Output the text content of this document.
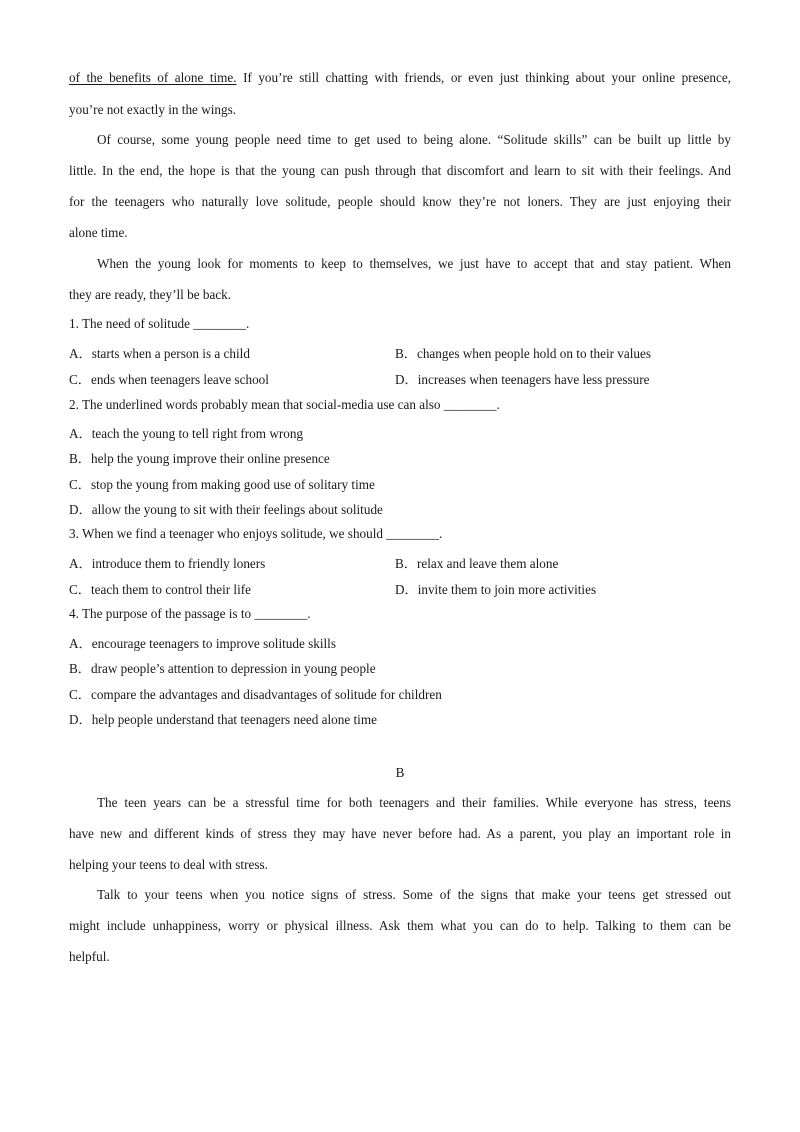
of the benefits of alone time. If you’re still chatting with friends, or even just thinking about your online presence,
you’re not exactly in the wings.
Of course, some young people need time to get used to being alone. “Solitude skills” can be built up little by
little. In the end, the hope is that the young can push through that discomfort and learn to sit with their feelings. And
for the teenagers who naturally love solitude, people should know they’re not loners. They are just enjoying their
alone time.
When the young look for moments to keep to themselves, we just have to accept that and stay patient. When
they are ready, they’ll be back.
1. The need of solitude ________.
A．starts when a person is a child	B．changes when people hold on to their values
C．ends when teenagers leave school	D．increases when teenagers have less pressure
2. The underlined words probably mean that social-media use can also ________.
A．teach the young to tell right from wrong
B．help the young improve their online presence
C．stop the young from making good use of solitary time
D．allow the young to sit with their feelings about solitude
3. When we find a teenager who enjoys solitude, we should ________.
A．introduce them to friendly loners	B．relax and leave them alone
C．teach them to control their life	D．invite them to join more activities
4. The purpose of the passage is to ________.
A．encourage teenagers to improve solitude skills
B．draw people’s attention to depression in young people
C．compare the advantages and disadvantages of solitude for children
D．help people understand that teenagers need alone time
B
The teen years can be a stressful time for both teenagers and their families. While everyone has stress, teens
have new and different kinds of stress they may have never before had. As a parent, you play an important role in
helping your teens to deal with stress.
Talk to your teens when you notice signs of stress. Some of the signs that make your teens get stressed out
might include unhappiness, worry or physical illness. Ask them what you can do to help. Talking to them can be
helpful.
